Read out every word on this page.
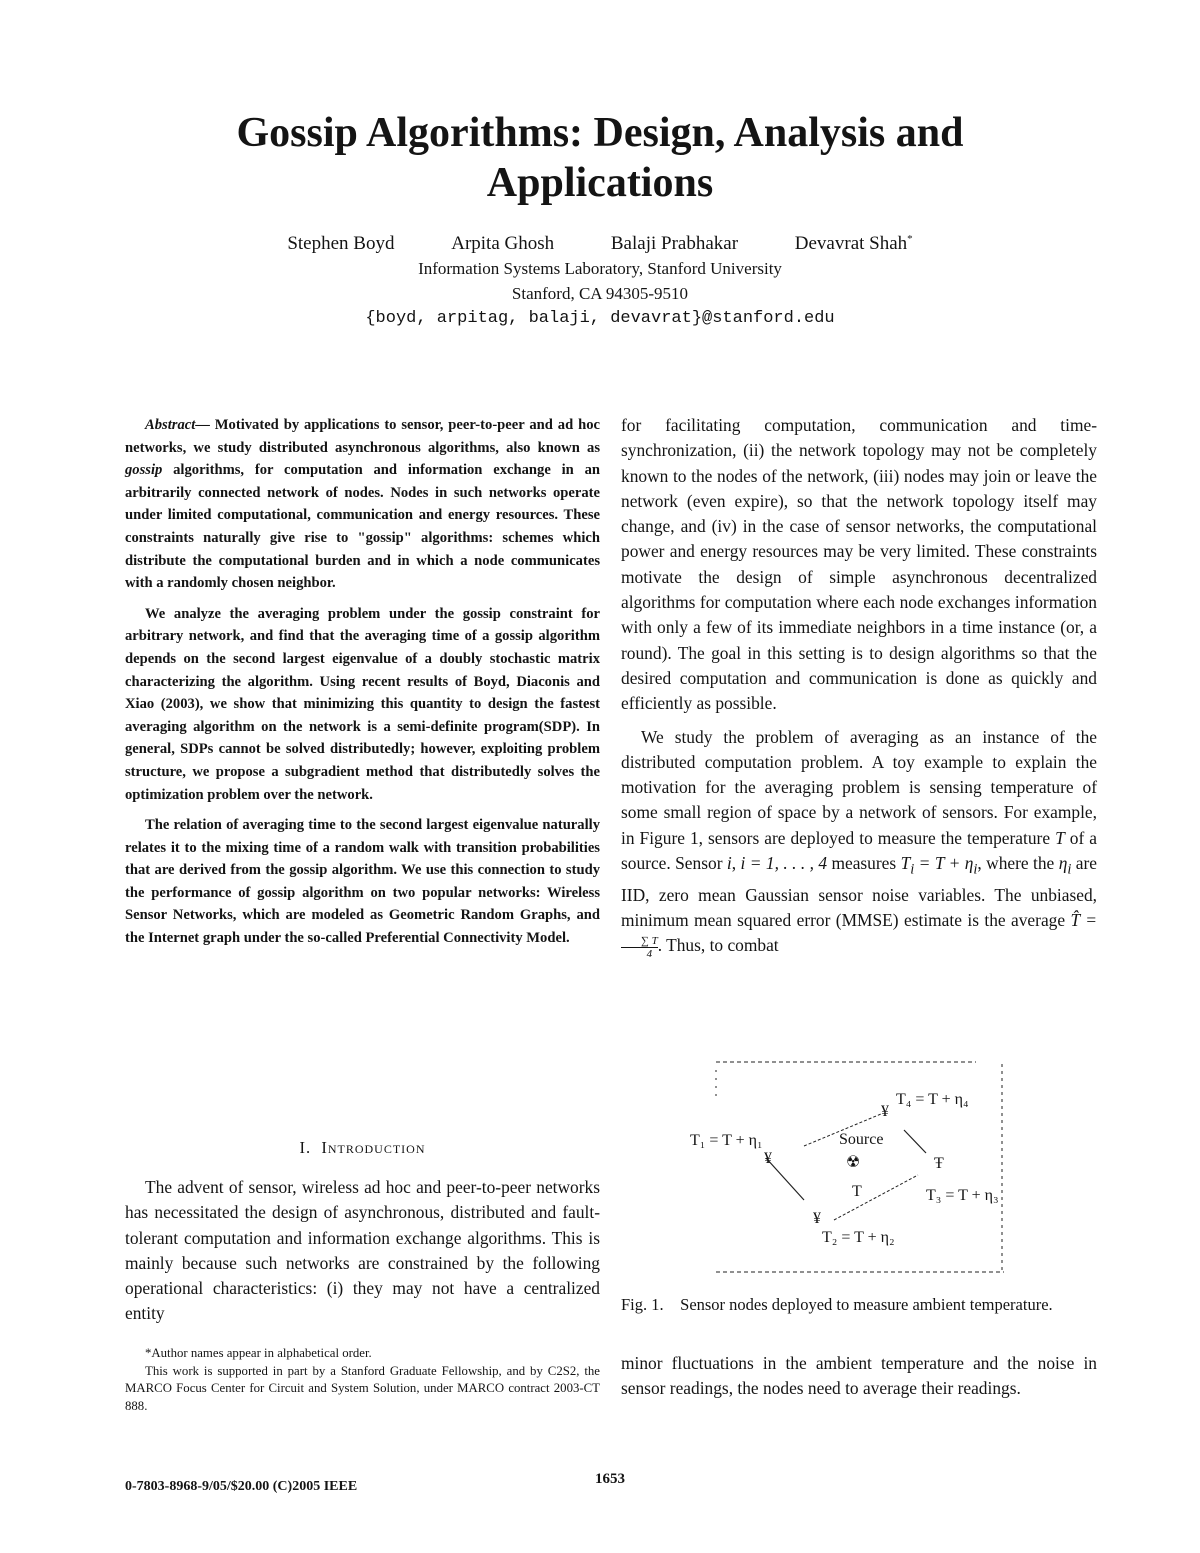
Gossip Algorithms: Design, Analysis and
Applications
Stephen Boyd	Arpita Ghosh	Balaji Prabhakar	Devavrat Shah*
Information Systems Laboratory, Stanford University
Stanford, CA 94305-9510
{boyd, arpitag, balaji, devavrat}@stanford.edu

Abstract— Motivated by applications to sensor, peer-to-peer and ad hoc networks, we study distributed asynchronous algorithms, also known as gossip algorithms, for computation and information exchange in an arbitrarily connected network of nodes. Nodes in such networks operate under limited computational, communication and energy resources. These constraints naturally give rise to "gossip" algorithms: schemes which distribute the computational burden and in which a node communicates with a randomly chosen neighbor.

We analyze the averaging problem under the gossip constraint for arbitrary network, and find that the averaging time of a gossip algorithm depends on the second largest eigenvalue of a doubly stochastic matrix characterizing the algorithm. Using recent results of Boyd, Diaconis and Xiao (2003), we show that minimizing this quantity to design the fastest averaging algorithm on the network is a semi-definite program(SDP). In general, SDPs cannot be solved distributedly; however, exploiting problem structure, we propose a subgradient method that distributedly solves the optimization problem over the network.

The relation of averaging time to the second largest eigenvalue naturally relates it to the mixing time of a random walk with transition probabilities that are derived from the gossip algorithm. We use this connection to study the performance of gossip algorithm on two popular networks: Wireless Sensor Networks, which are modeled as Geometric Random Graphs, and the Internet graph under the so-called Preferential Connectivity Model.

I. Introduction

The advent of sensor, wireless ad hoc and peer-to-peer networks has necessitated the design of asynchronous, distributed and fault-tolerant computation and information exchange algorithms. This is mainly because such networks are constrained by the following operational characteristics: (i) they may not have a centralized entity

*Author names appear in alphabetical order.

This work is supported in part by a Stanford Graduate Fellowship, and by C2S2, the MARCO Focus Center for Circuit and System Solution, under MARCO contract 2003-CT 888.

for facilitating computation, communication and time-synchronization, (ii) the network topology may not be completely known to the nodes of the network, (iii) nodes may join or leave the network (even expire), so that the network topology itself may change, and (iv) in the case of sensor networks, the computational power and energy resources may be very limited. These constraints motivate the design of simple asynchronous decentralized algorithms for computation where each node exchanges information with only a few of its immediate neighbors in a time instance (or, a round). The goal in this setting is to design algorithms so that the desired computation and communication is done as quickly and efficiently as possible.

We study the problem of averaging as an instance of the distributed computation problem. A toy example to explain the motivation for the averaging problem is sensing temperature of some small region of space by a network of sensors. For example, in Figure 1, sensors are deployed to measure the temperature T of a source. Sensor i, i = 1, . . . , 4 measures $T_i = T + \eta_i$, where the $\eta_i$ are IID, zero mean Gaussian sensor noise variables. The unbiased, minimum mean squared error (MMSE) estimate is the average T̂ =
$\frac{\sum T}{4}$ . Thus, to combat

¥
¥	Ŧ
¥
☢
T₄ = T + η₄
T₁ = T + η₁	Source
T	T₃ = T + η₃
T₂ = T + η₂
Fig. 1. Sensor nodes deployed to measure ambient temperature.

minor fluctuations in the ambient temperature and the noise in sensor readings, the nodes need to average their readings.

0-7803-8968-9/05/$20.00 (C)2005 IEEE	1653
